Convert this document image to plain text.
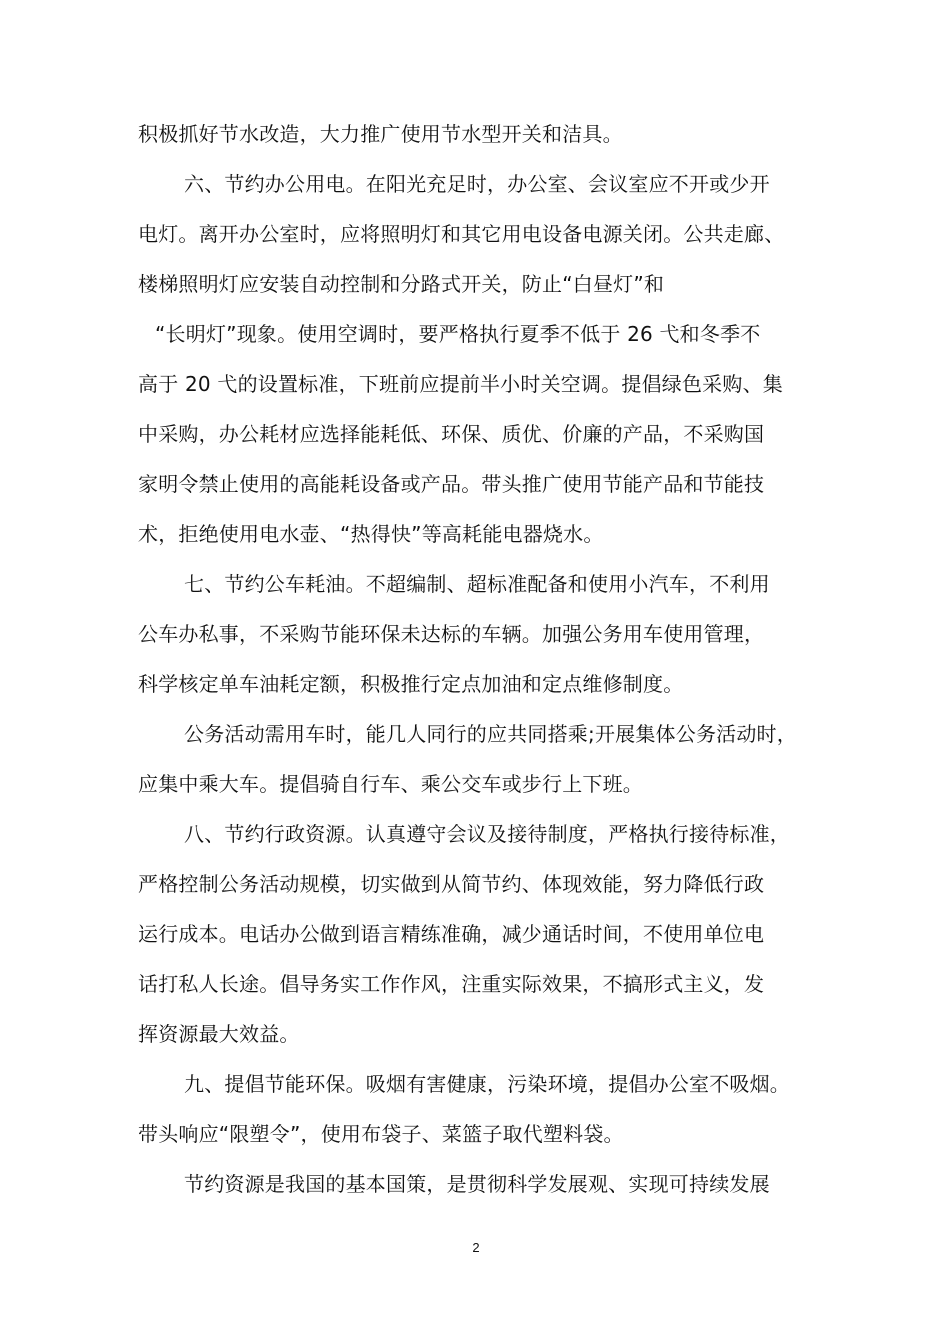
积极抓好节水改造，大力推广使用节水型开关和洁具。
六、节约办公用电。在阳光充足时，办公室、会议室应不开或少开
电灯。离开办公室时，应将照明灯和其它用电设备电源关闭。公共走廊、
楼梯照明灯应安装自动控制和分路式开关，防止“白昼灯”和
“长明灯”现象。使用空调时，要严格执行夏季不低于 26 弋和冬季不
高于 20 弋的设置标准，下班前应提前半小时关空调。提倡绿色采购、集
中采购，办公耗材应选择能耗低、环保、质优、价廉的产品，不采购国
家明令禁止使用的高能耗设备或产品。带头推广使用节能产品和节能技
术，拒绝使用电水壶、“热得快”等高耗能电器烧水。
七、节约公车耗油。不超编制、超标准配备和使用小汽车，不利用
公车办私事，不采购节能环保未达标的车辆。加强公务用车使用管理，
科学核定单车油耗定额，积极推行定点加油和定点维修制度。
公务活动需用车时，能几人同行的应共同搭乘;开展集体公务活动时，
应集中乘大车。提倡骑自行车、乘公交车或步行上下班。
八、节约行政资源。认真遵守会议及接待制度，严格执行接待标准，
严格控制公务活动规模，切实做到从简节约、体现效能，努力降低行政
运行成本。电话办公做到语言精练准确，减少通话时间，不使用单位电
话打私人长途。倡导务实工作作风，注重实际效果，不搞形式主义，发
挥资源最大效益。
九、提倡节能环保。吸烟有害健康，污染环境，提倡办公室不吸烟。
带头响应“限塑令”，使用布袋子、菜篮子取代塑料袋。
节约资源是我国的基本国策，是贯彻科学发展观、实现可持续发展
2
